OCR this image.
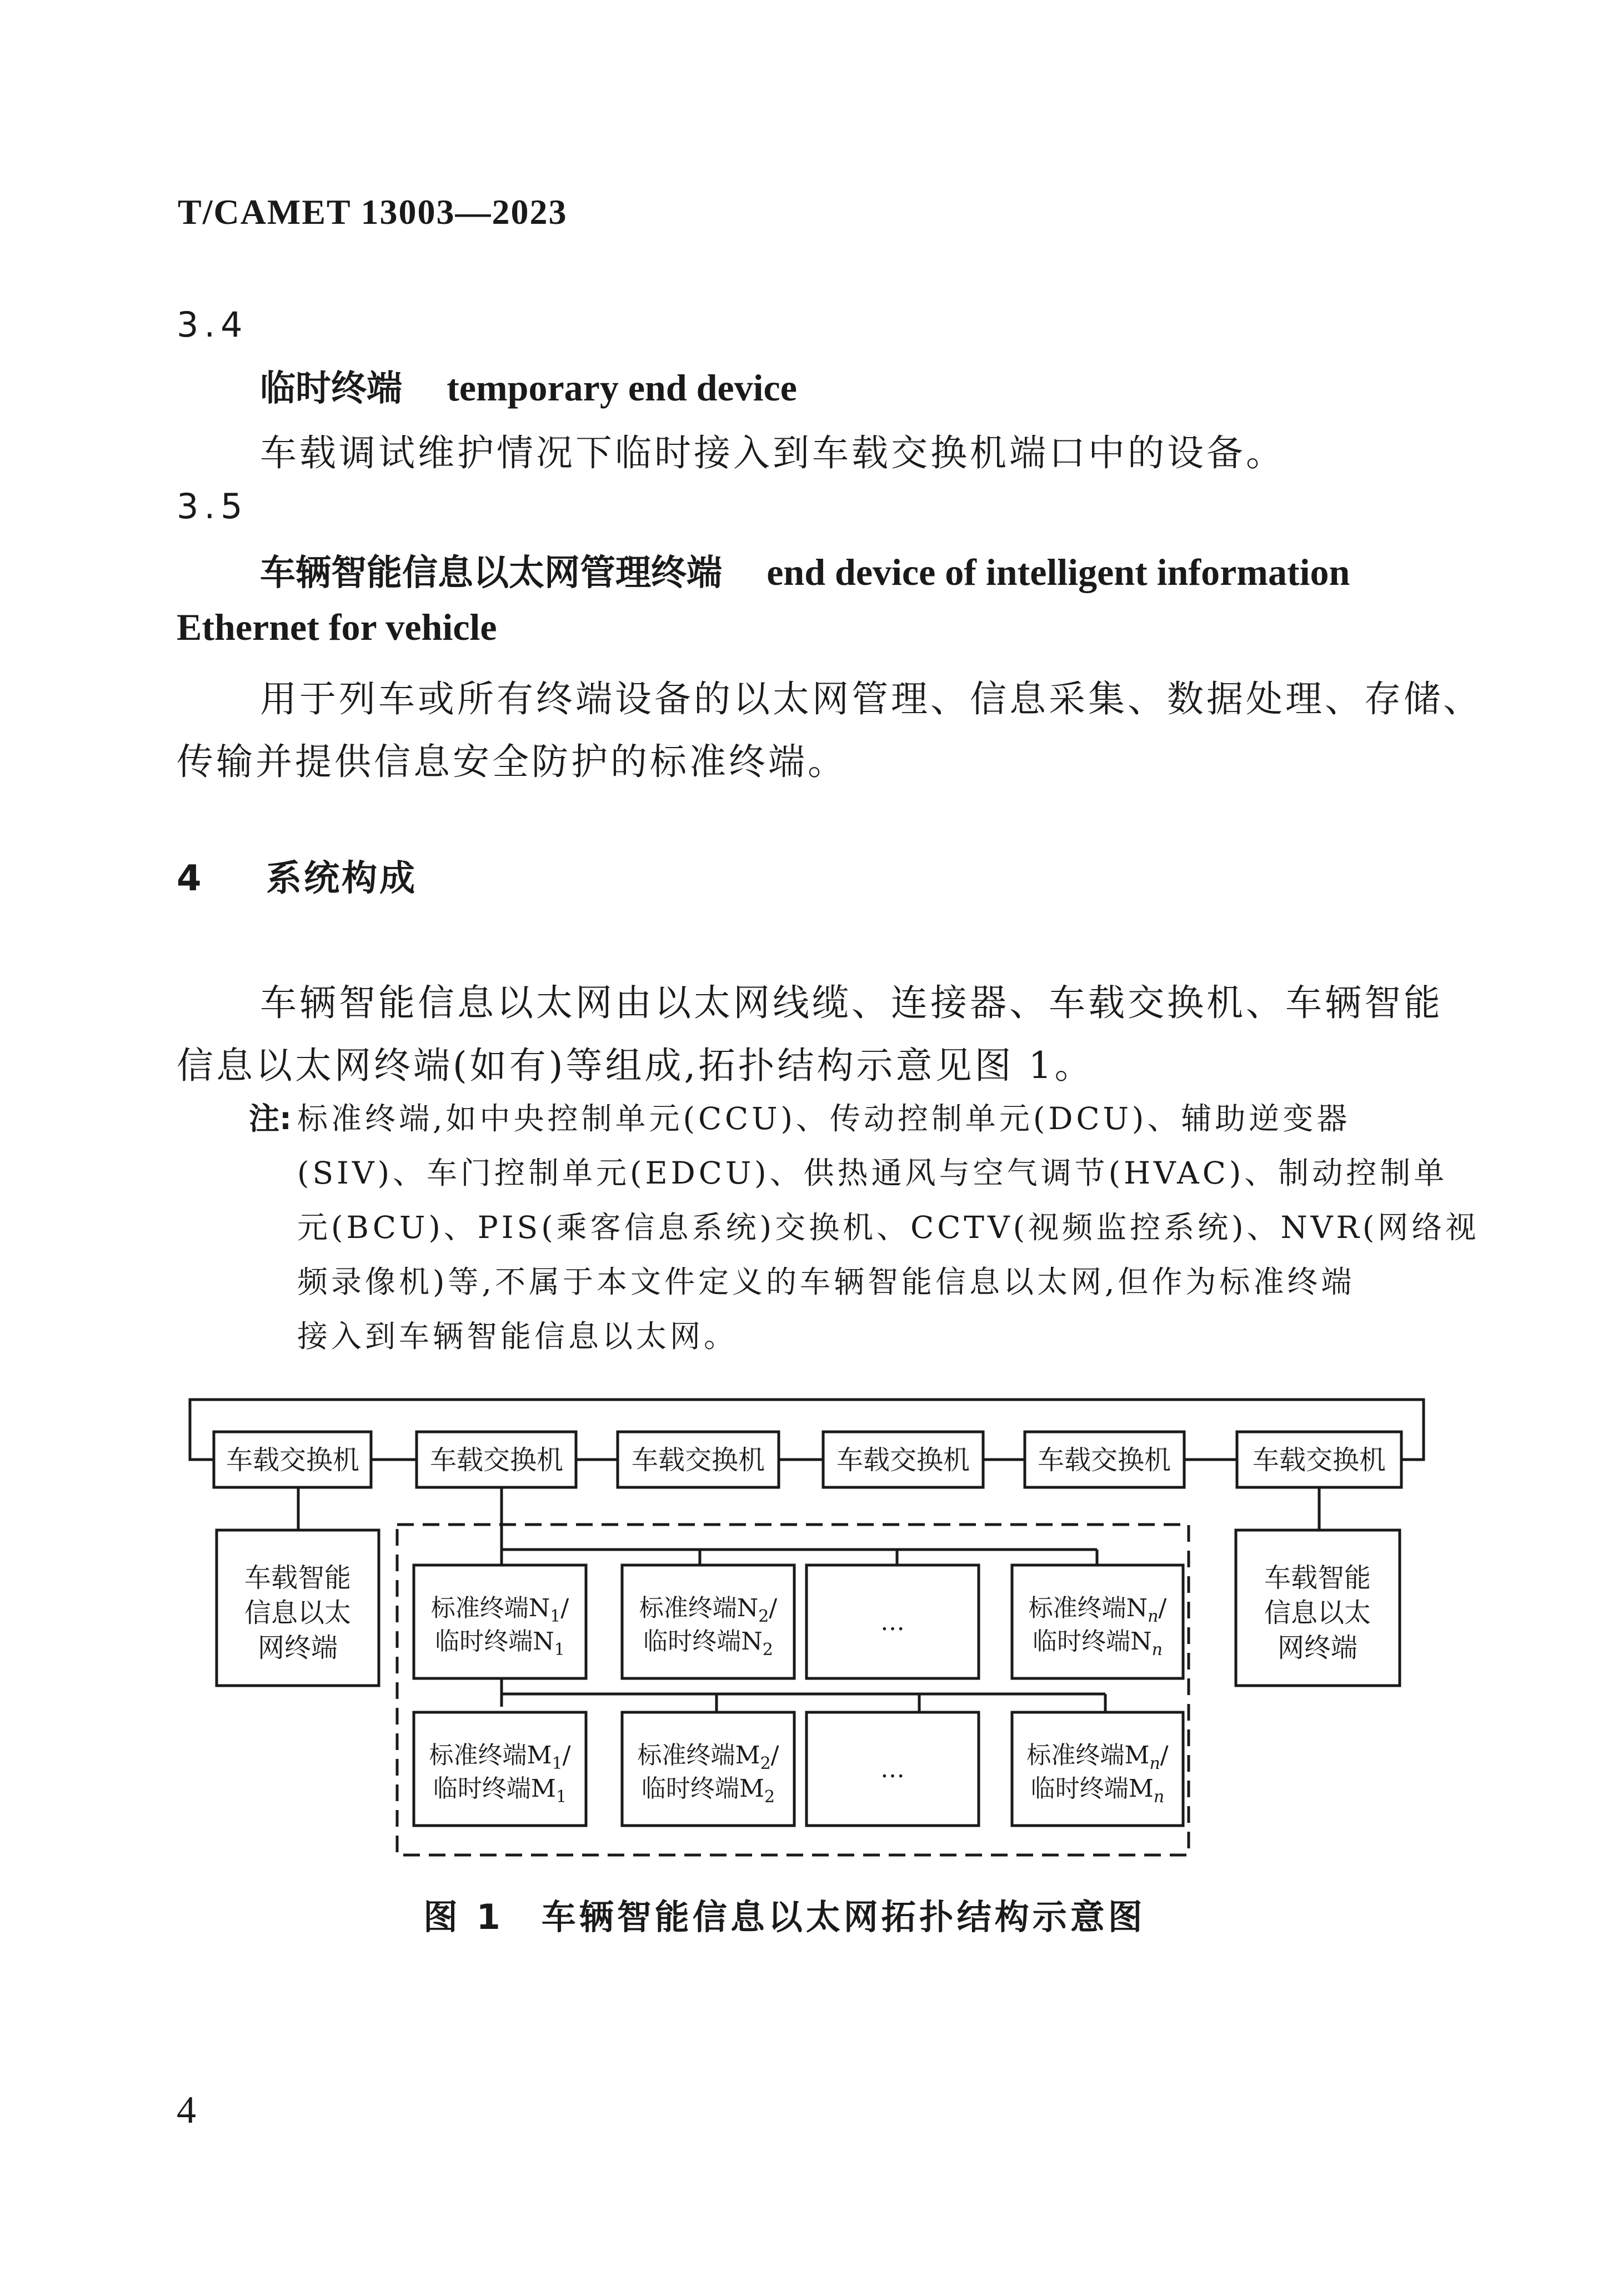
T/CAMET 13003—2023
3.4
临时终端 temporary end device
车载调试维护情况下临时接入到车载交换机端口中的设备。
3.5
车辆智能信息以太网管理终端 end device of intelligent information
Ethernet for vehicle
用于列车或所有终端设备的以太网管理、信息采集、数据处理、存储、
传输并提供信息安全防护的标准终端。
4 系统构成
车辆智能信息以太网由以太网线缆、连接器、车载交换机、车辆智能
信息以太网终端(如有)等组成,拓扑结构示意见图 1。
注: 标准终端,如中央控制单元(CCU)、传动控制单元(DCU)、辅助逆变器
(SIV)、车门控制单元(EDCU)、供热通风与空气调节(HVAC)、制动控制单
元(BCU)、PIS(乘客信息系统)交换机、CCTV(视频监控系统)、NVR(网络视
频录像机)等,不属于本文件定义的车辆智能信息以太网,但作为标准终端
接入到车辆智能信息以太网。
车载交换机	车载交换机	车载交换机	车载交换机	车载交换机	车载交换机
车载智能
信息以太
网终端
车载智能
信息以太
网终端
标准终端$N_1/$
临时终端$N_1$
标准终端$N_2/$
临时终端$N_2$
…	标准终端$N_n/$
临时终端$N_n$
标准终端$M_1/$
临时终端$M_1$
标准终端$M_2/$
临时终端$M_2$
…	标准终端$M_n/$
临时终端$M_n$
图 1　车辆智能信息以太网拓扑结构示意图
4
